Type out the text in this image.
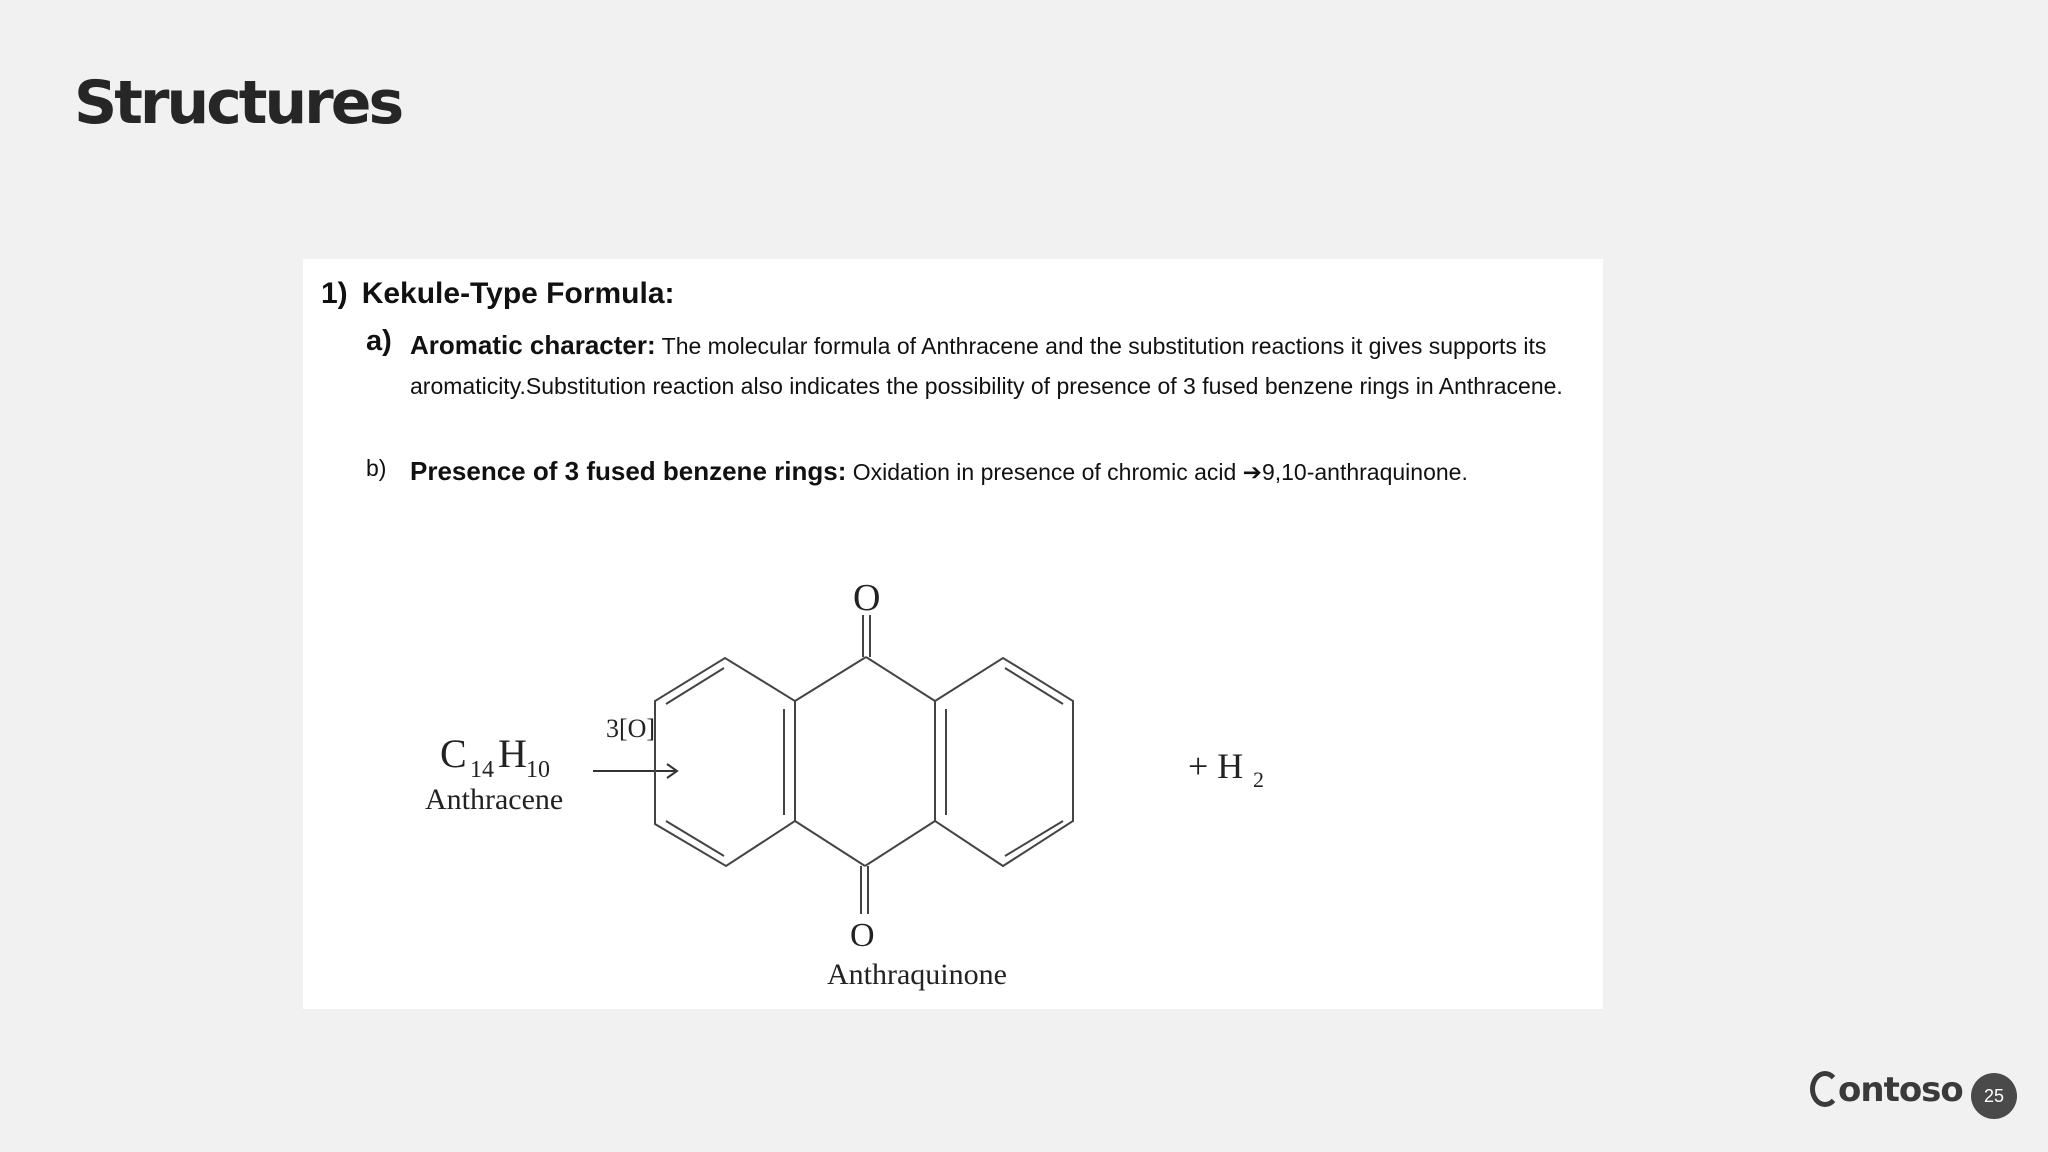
Structures
1) Kekule-Type Formula:
a) Aromatic character: The molecular formula of Anthracene and the substitution reactions it gives supports its aromaticity.Substitution reaction also indicates the possibility of presence of 3 fused benzene rings in Anthracene.
b) Presence of 3 fused benzene rings: Oxidation in presence of chromic acid ➔9,10-anthraquinone.
C 14 H 10
Anthracene
3[O]
O
O
Anthraquinone
+ H 2
ontoso	25
